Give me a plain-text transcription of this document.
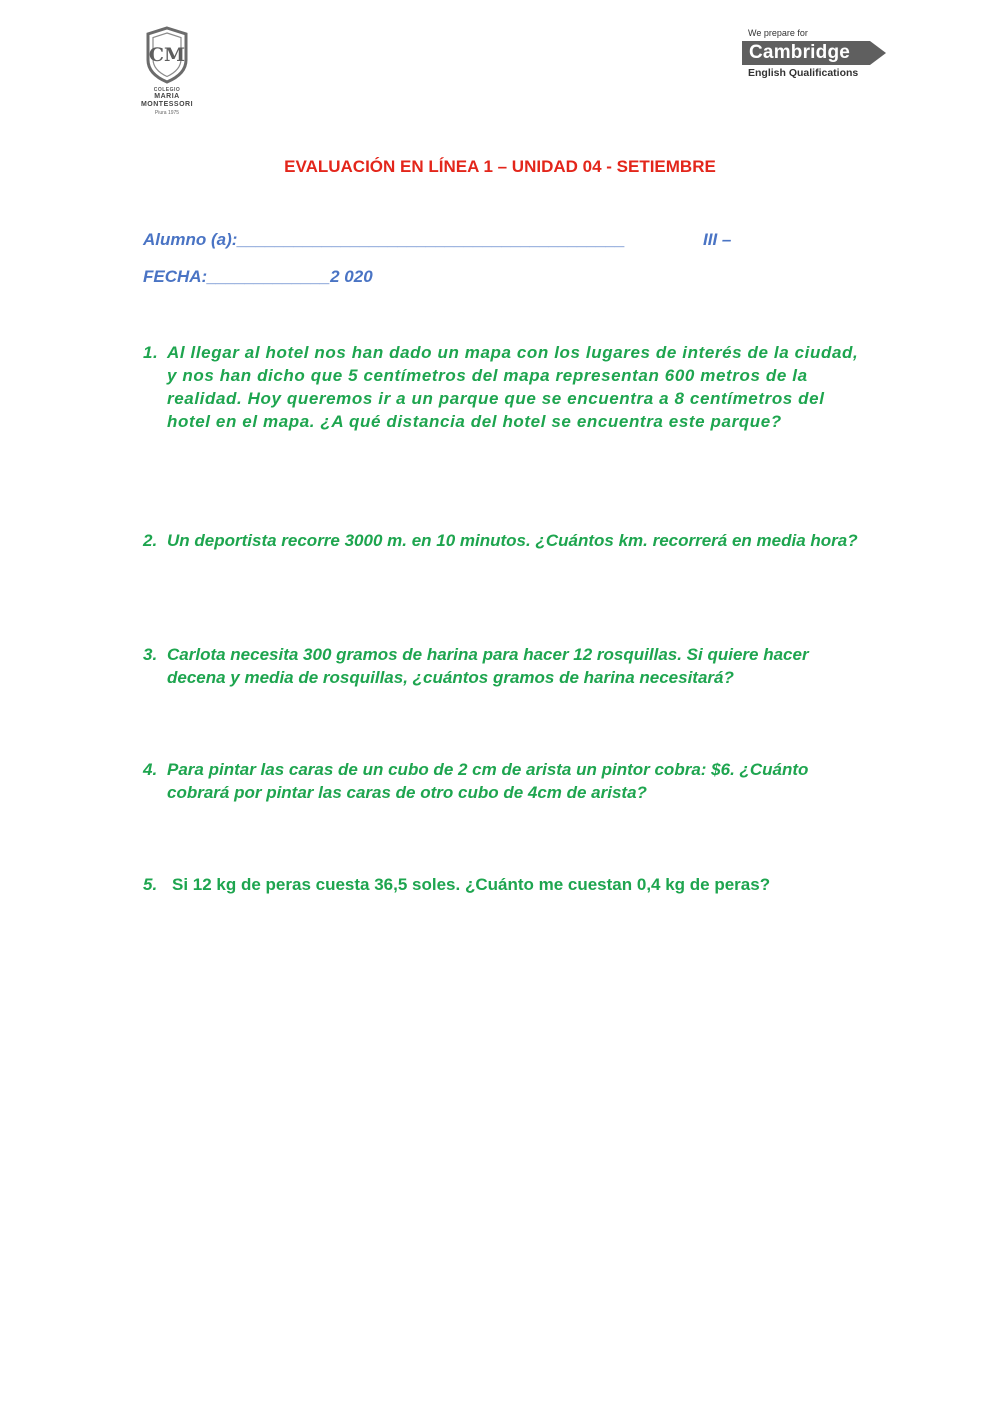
CM
COLEGIO
MARIA
MONTESSORI
Piura 1975
We prepare for
Cambridge
English Qualifications
EVALUACIÓN EN LÍNEA 1 – UNIDAD 04 - SETIEMBRE
Alumno (a):_________________________________________	III –
FECHA:_____________2 020
1. Al llegar al hotel nos han dado un mapa con los lugares de interés de la ciudad, y nos han dicho que 5 centímetros del mapa representan 600 metros de la realidad. Hoy queremos ir a un parque que se encuentra a 8 centímetros del hotel en el mapa. ¿A qué distancia del hotel se encuentra este parque?
2. Un deportista recorre 3000 m. en 10 minutos. ¿Cuántos km. recorrerá en media hora?
3. Carlota necesita 300 gramos de harina para hacer 12 rosquillas. Si quiere hacer decena y media de rosquillas, ¿cuántos gramos de harina necesitará?
4. Para pintar las caras de un cubo de 2 cm de arista un pintor cobra: $6. ¿Cuánto cobrará por pintar las caras de otro cubo de 4cm de arista?
5. Si 12 kg de peras cuesta 36,5 soles. ¿Cuánto me cuestan 0,4 kg de peras?
